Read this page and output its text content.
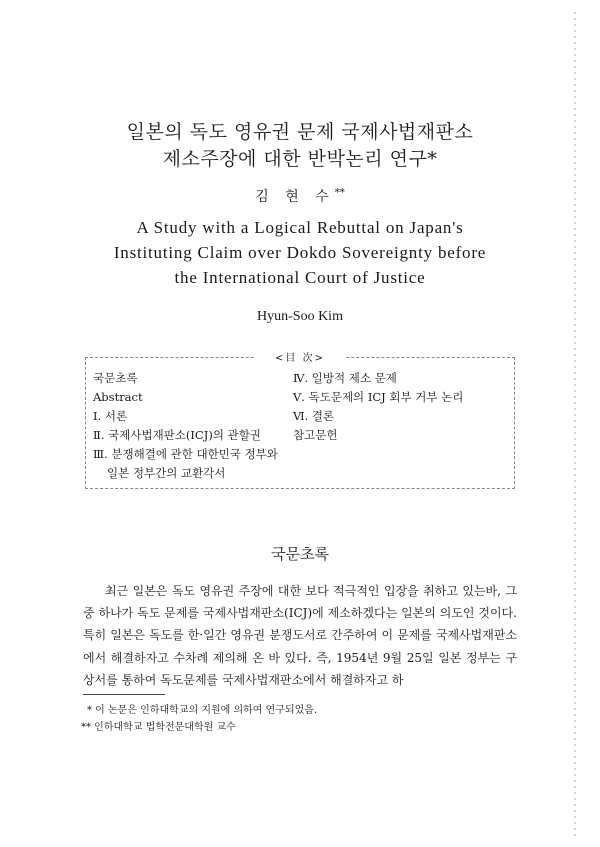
일본의 독도 영유권 문제 국제사법재판소
제소주장에 대한 반박논리 연구*
김 현 수**
A Study with a Logical Rebuttal on Japan's
Instituting Claim over Dokdo Sovereignty before
the International Court of Justice
Hyun-Soo Kim
<目 次>
국문초록
Abstract
Ⅰ. 서론
Ⅱ. 국제사법재판소(ICJ)의 관할권
Ⅲ. 분쟁해결에 관한 대한민국 정부와
일본 정부간의 교환각서
Ⅳ. 일방적 제소 문제
Ⅴ. 독도문제의 ICJ 회부 거부 논리
Ⅵ. 결론
참고문헌
국문초록
최근 일본은 독도 영유권 주장에 대한 보다 적극적인 입장을 취하고 있는바, 그 중 하나가 독도 문제를 국제사법재판소(ICJ)에 제소하겠다는 일본의 의도인 것이다. 특히 일본은 독도를 한·일간 영유권 분쟁도서로 간주하여 이 문제를 국제사법재판소에서 해결하자고 수차례 제의해 온 바 있다. 즉, 1954년 9월 25일 일본 정부는 구상서를 통하여 독도문제를 국제사법재판소에서 해결하자고 하
* 이 논문은 인하대학교의 지원에 의하여 연구되었음.
** 인하대학교 법학전문대학원 교수
